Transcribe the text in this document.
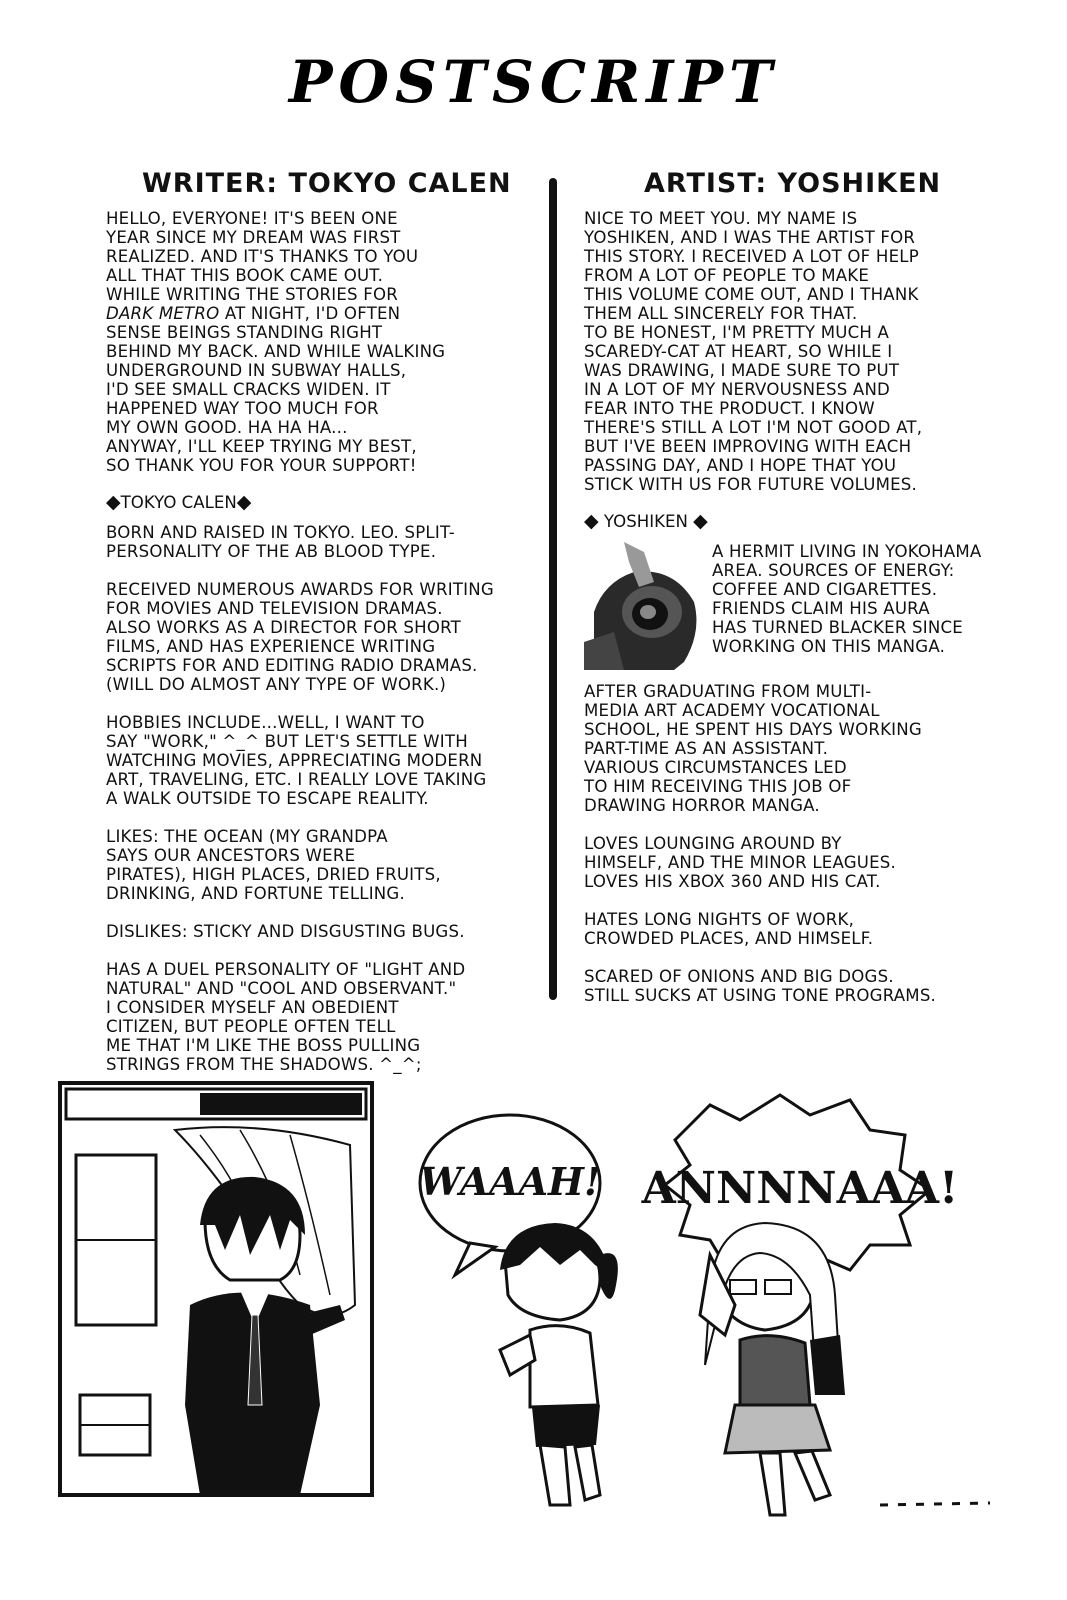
POSTSCRIPT
WRITER: TOKYO CALEN

HELLO, EVERYONE! IT'S BEEN ONE
YEAR SINCE MY DREAM WAS FIRST
REALIZED. AND IT'S THANKS TO YOU
ALL THAT THIS BOOK CAME OUT.
WHILE WRITING THE STORIES FOR
DARK METRO AT NIGHT, I'D OFTEN
SENSE BEINGS STANDING RIGHT
BEHIND MY BACK. AND WHILE WALKING
UNDERGROUND IN SUBWAY HALLS,
I'D SEE SMALL CRACKS WIDEN. IT
HAPPENED WAY TOO MUCH FOR
MY OWN GOOD. HA HA HA...
ANYWAY, I'LL KEEP TRYING MY BEST,
SO THANK YOU FOR YOUR SUPPORT!

◆TOKYO CALEN◆

BORN AND RAISED IN TOKYO. LEO. SPLIT-
PERSONALITY OF THE AB BLOOD TYPE.

RECEIVED NUMEROUS AWARDS FOR WRITING
FOR MOVIES AND TELEVISION DRAMAS.
ALSO WORKS AS A DIRECTOR FOR SHORT
FILMS, AND HAS EXPERIENCE WRITING
SCRIPTS FOR AND EDITING RADIO DRAMAS.
(WILL DO ALMOST ANY TYPE OF WORK.)

HOBBIES INCLUDE...WELL, I WANT TO
SAY "WORK," ^_^ BUT LET'S SETTLE WITH
WATCHING MOVIES, APPRECIATING MODERN
ART, TRAVELING, ETC. I REALLY LOVE TAKING
A WALK OUTSIDE TO ESCAPE REALITY.

LIKES: THE OCEAN (MY GRANDPA
SAYS OUR ANCESTORS WERE
PIRATES), HIGH PLACES, DRIED FRUITS,
DRINKING, AND FORTUNE TELLING.

DISLIKES: STICKY AND DISGUSTING BUGS.

HAS A DUEL PERSONALITY OF "LIGHT AND
NATURAL" AND "COOL AND OBSERVANT."
I CONSIDER MYSELF AN OBEDIENT
CITIZEN, BUT PEOPLE OFTEN TELL
ME THAT I'M LIKE THE BOSS PULLING
STRINGS FROM THE SHADOWS. ^_^;

ARTIST: YOSHIKEN

NICE TO MEET YOU. MY NAME IS
YOSHIKEN, AND I WAS THE ARTIST FOR
THIS STORY. I RECEIVED A LOT OF HELP
FROM A LOT OF PEOPLE TO MAKE
THIS VOLUME COME OUT, AND I THANK
THEM ALL SINCERELY FOR THAT.
TO BE HONEST, I'M PRETTY MUCH A
SCAREDY-CAT AT HEART, SO WHILE I
WAS DRAWING, I MADE SURE TO PUT
IN A LOT OF MY NERVOUSNESS AND
FEAR INTO THE PRODUCT. I KNOW
THERE'S STILL A LOT I'M NOT GOOD AT,
BUT I'VE BEEN IMPROVING WITH EACH
PASSING DAY, AND I HOPE THAT YOU
STICK WITH US FOR FUTURE VOLUMES.

◆ YOSHIKEN ◆

A HERMIT LIVING IN YOKOHAMA
AREA. SOURCES OF ENERGY:
COFFEE AND CIGARETTES.
FRIENDS CLAIM HIS AURA
HAS TURNED BLACKER SINCE
WORKING ON THIS MANGA.

AFTER GRADUATING FROM MULTI-
MEDIA ART ACADEMY VOCATIONAL
SCHOOL, HE SPENT HIS DAYS WORKING
PART-TIME AS AN ASSISTANT.
VARIOUS CIRCUMSTANCES LED
TO HIM RECEIVING THIS JOB OF
DRAWING HORROR MANGA.

LOVES LOUNGING AROUND BY
HIMSELF, AND THE MINOR LEAGUES.
LOVES HIS XBOX 360 AND HIS CAT.

HATES LONG NIGHTS OF WORK,
CROWDED PLACES, AND HIMSELF.

SCARED OF ONIONS AND BIG DOGS.
STILL SUCKS AT USING TONE PROGRAMS.

WAAAH! ANNNNAAA!
